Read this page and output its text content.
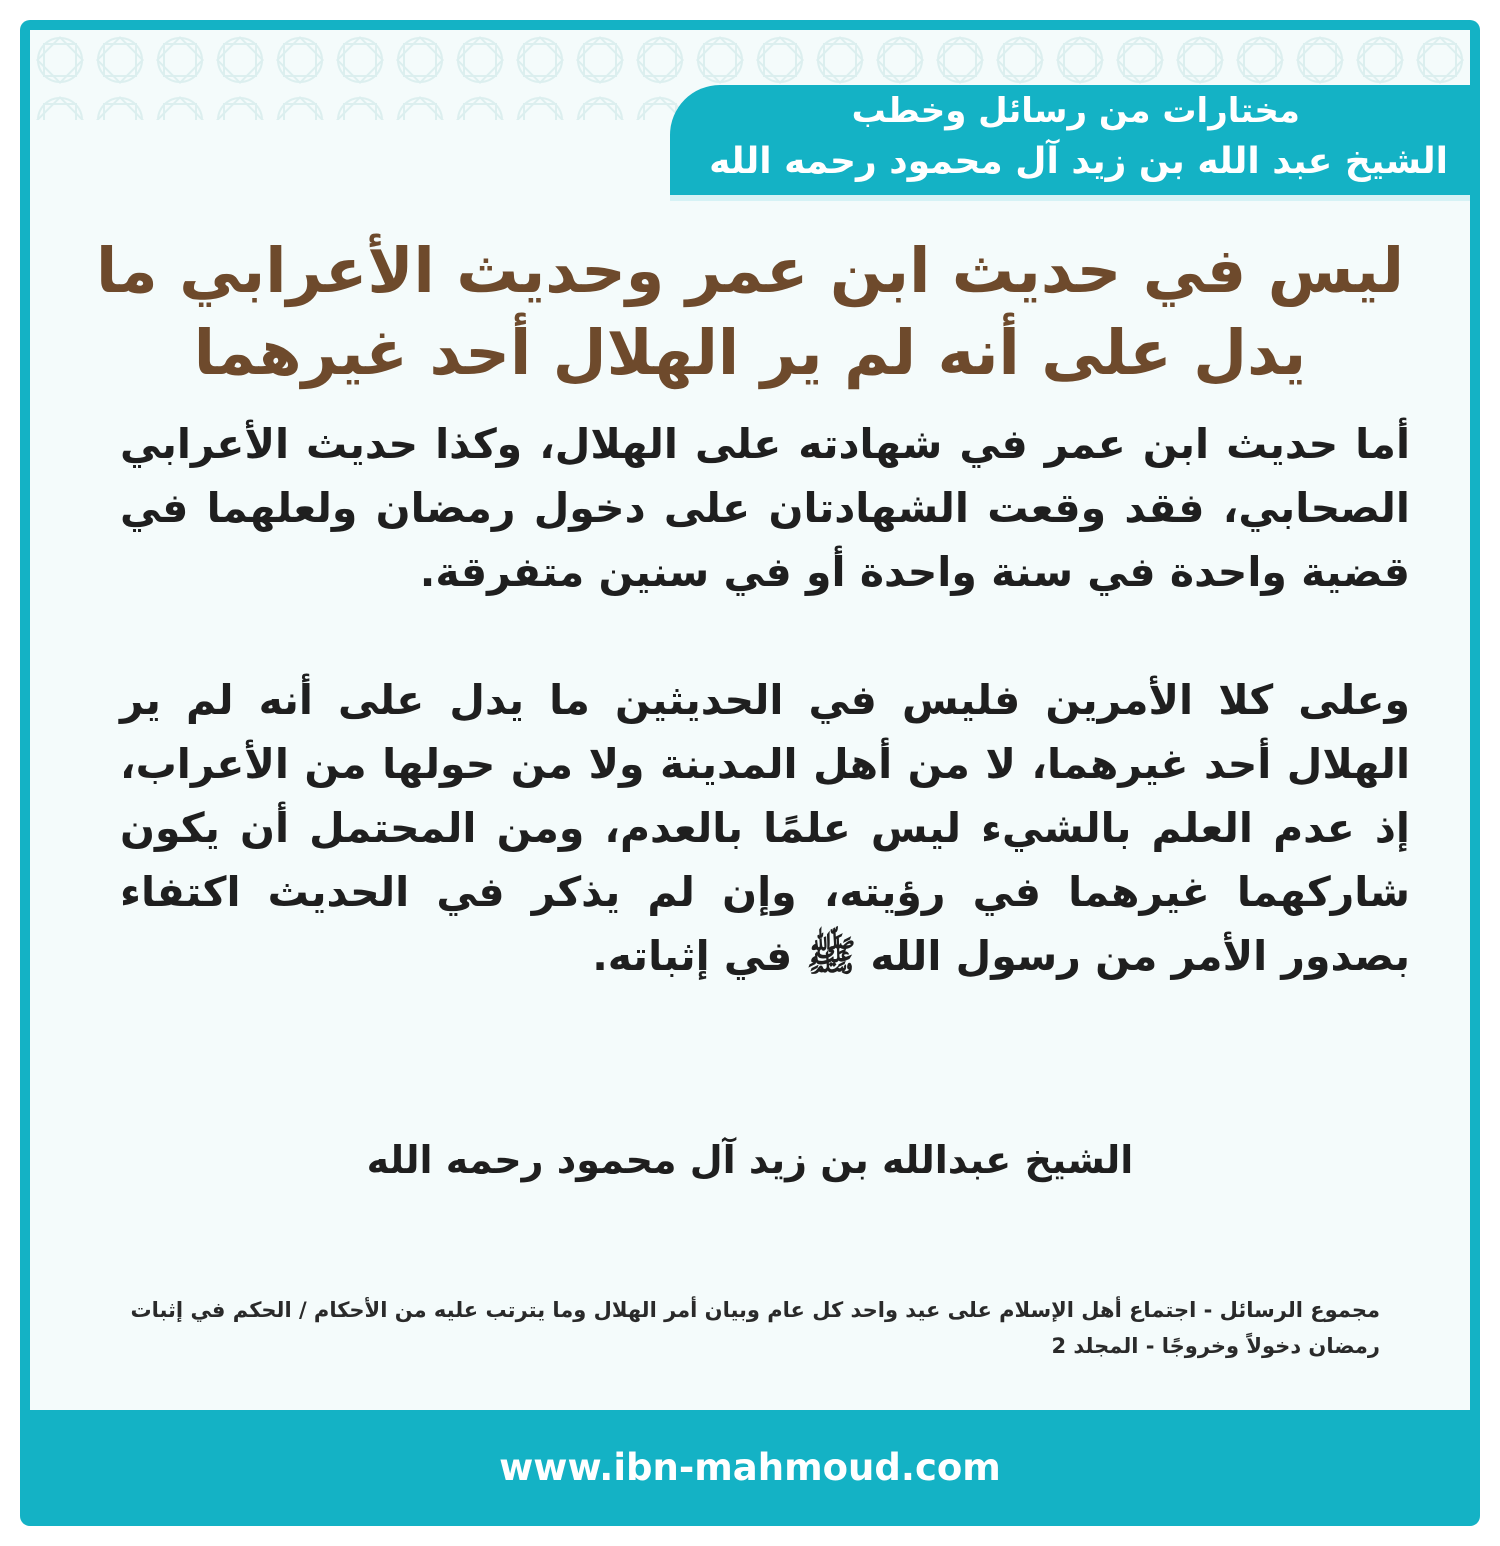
مختارات من رسائل وخطب
الشيخ عبد الله بن زيد آل محمود رحمه الله
ليس في حديث ابن عمر وحديث الأعرابي ما يدل على أنه لم ير الهلال أحد غيرهما

أما حديث ابن عمر في شهادته على الهلال، وكذا حديث الأعرابي الصحابي، فقد وقعت الشهادتان على دخول رمضان ولعلهما في قضية واحدة في سنة واحدة أو في سنين متفرقة.

وعلى كلا الأمرين فليس في الحديثين ما يدل على أنه لم ير الهلال أحد غيرهما، لا من أهل المدينة ولا من حولها من الأعراب، إذ عدم العلم بالشيء ليس علمًا بالعدم، ومن المحتمل أن يكون شاركهما غيرهما في رؤيته، وإن لم يذكر في الحديث اكتفاء بصدور الأمر من رسول الله ﷺ في إثباته.

الشيخ عبدالله بن زيد آل محمود رحمه الله
مجموع الرسائل - اجتماع أهل الإسلام على عيد واحد كل عام وبيان أمر الهلال وما يترتب عليه من الأحكام / الحكم في إثبات رمضان دخولاً وخروجًا - المجلد 2
www.ibn-mahmoud.com
